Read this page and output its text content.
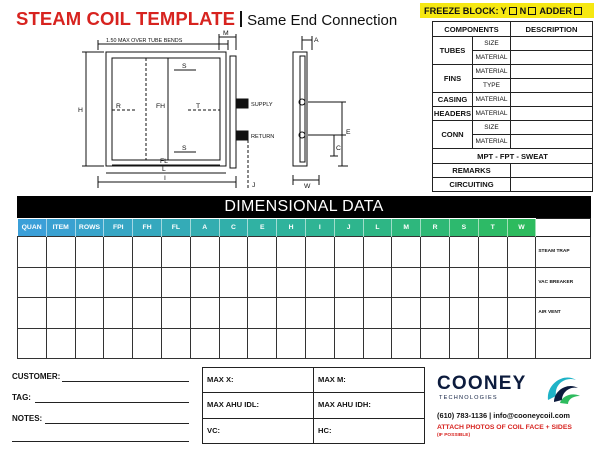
STEAM COIL TEMPLATE Same End Connection
1.50 MAX OVER TUBE BENDS
M
H
R	FH	T
S
S
FL
L
I
J
A
E
C
W
SUPPLY
RETURN
FREEZE BLOCK: Y N ADDER
COMPONENTS		DESCRIPTION
TUBES	SIZE	
	MATERIAL	
FINS	MATERIAL	
	TYPE	
CASING	MATERIAL	
HEADERS	MATERIAL	
CONN	SIZE	
	MATERIAL	
MPT - FPT - SWEAT		
REMARKS		
CIRCUITING		
DIMENSIONAL DATA
QUAN	ITEM	ROWS	FPI	FH	FL	A	C	E	H	I	J	L	M	R	S	T	W	
																		STEAM TRAP
																		VAC BREAKER
																		AIR VENT

CUSTOMER:
TAG:
NOTES:
MAX X:	MAX M:
MAX AHU IDL:	MAX AHU IDH:
VC:	HC:
COONEY
TECHNOLOGIES
(610) 783-1136 | info@cooneycoil.com
ATTACH PHOTOS OF COIL FACE + SIDES
(IF POSSIBLE)
